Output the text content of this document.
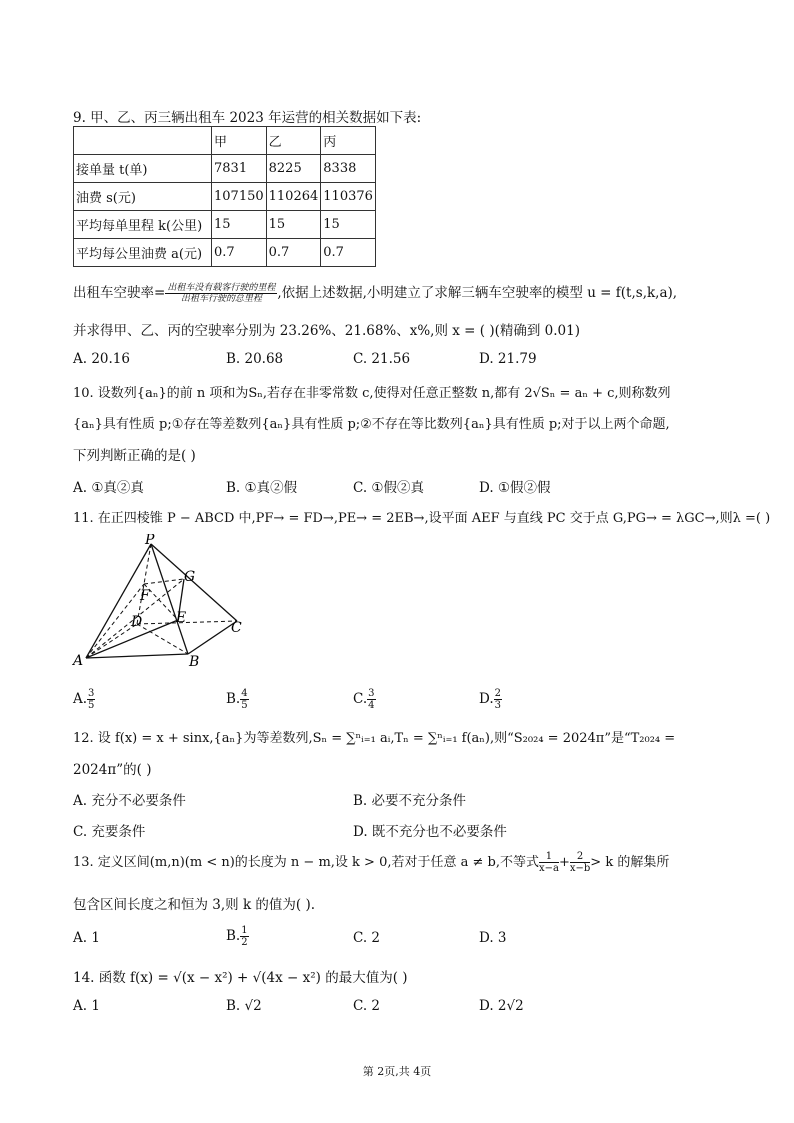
9. 甲、乙、丙三辆出租车 2023 年运营的相关数据如下表:
	甲	乙	丙
接单量 t(单)	7831	8225	8338
油费 s(元)	107150	110264	110376
平均每单里程 k(公里)	15	15	15
平均每公里油费 a(元)	0.7	0.7	0.7
出租车空驶率= $\frac{\text{出租车没有载客行驶的里程}}{\text{出租车行驶的总里程}}$ ,依据上述数据,小明建立了求解三辆车空驶率的模型 u = f(t,s,k,a),
并求得甲、乙、丙的空驶率分别为 23.26%、21.68%、x%,则 x = ( )(精确到 0.01)
A. 20.16	B. 20.68	C. 21.56	D. 21.79
10. 设数列{aₙ}的前 n 项和为Sₙ,若存在非零常数 c,使得对任意正整数 n,都有 2√Sₙ = aₙ + c,则称数列
{aₙ}具有性质 p;①存在等差数列{aₙ}具有性质 p;②不存在等比数列{aₙ}具有性质 p;对于以上两个命题,
下列判断正确的是( )
A. ①真②真	B. ①真②假	C. ①假②真	D. ①假②假
11. 在正四棱锥 P − ABCD 中,PF→ = FD→,PE→ = 2EB→,设平面 AEF 与直线 PC 交于点 G,PG→ = λGC→,则λ =( )
P
G
F
D E
C
A	B
A. $\frac{3}{5}$	B. $\frac{4}{5}$	C. $\frac{3}{4}$	D. $\frac{2}{3}$
12. 设 f(x) = x + sinx,{aₙ}为等差数列,Sₙ = ∑ⁿᵢ₌₁ aᵢ,Tₙ = ∑ⁿᵢ₌₁ f(aₙ),则“S₂₀₂₄ = 2024π”是“T₂₀₂₄ =
2024π”的( )
A. 充分不必要条件	B. 必要不充分条件
C. 充要条件	D. 既不充分也不必要条件
13. 定义区间(m,n)(m < n)的长度为 n − m,设 k > 0,若对于任意 a ≠ b,不等式 $\frac{1}{x-a} + \frac{2}{x-b} > k$ 的解集所
包含区间长度之和恒为 3,则 k 的值为( ).
A. 1	B. $\frac{1}{2}$	C. 2	D. 3
14. 函数 f(x) = √(x − x²) + √(4x − x²) 的最大值为( )
A. 1	B. √2	C. 2	D. 2√2
第 2页,共 4页
